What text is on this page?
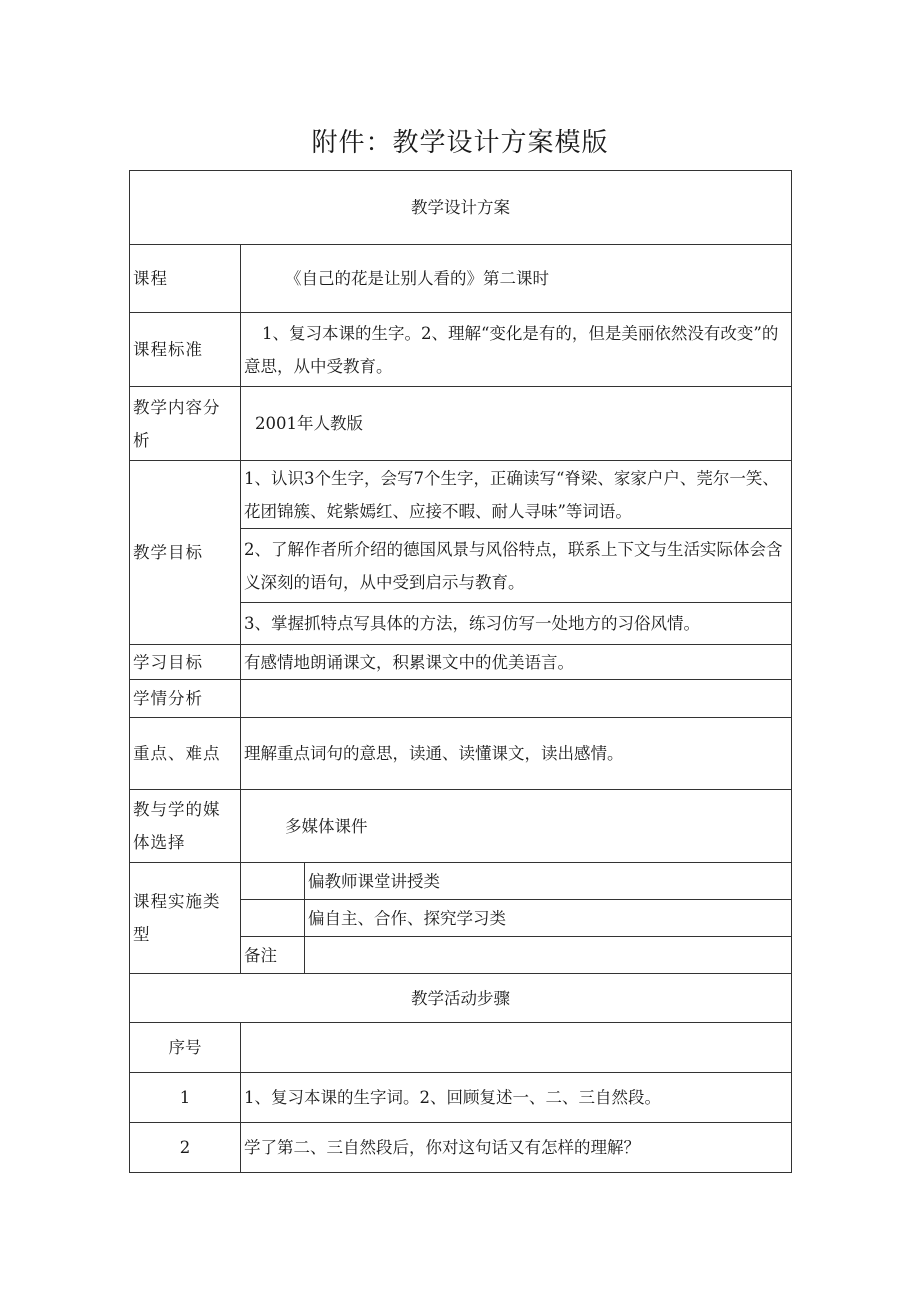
附件：教学设计方案模版
教学设计方案		
课程	《自己的花是让别人看的》第二课时	
课程标准	1、复习本课的生字。2、理解“变化是有的，但是美丽依然没有改变”的意思，从中受教育。	
教学内容分析	2001年人教版	
教学目标	1、认识3个生字，会写7个生字，正确读写“脊梁、家家户户、莞尔一笑、花团锦簇、姹紫嫣红、应接不暇、耐人寻味”等词语。	
	2、了解作者所介绍的德国风景与风俗特点，联系上下文与生活实际体会含义深刻的语句，从中受到启示与教育。	
	3、掌握抓特点写具体的方法，练习仿写一处地方的习俗风情。	
学习目标	有感情地朗诵课文，积累课文中的优美语言。	
学情分析		
重点、难点	理解重点词句的意思，读通、读懂课文，读出感情。	
教与学的媒体选择	多媒体课件	
课程实施类型		偏教师课堂讲授类
		偏自主、合作、探究学习类
	备注	
教学活动步骤		
序号		
1	1、复习本课的生字词。2、回顾复述一、二、三自然段。	
2	学了第二、三自然段后，你对这句话又有怎样的理解？	
